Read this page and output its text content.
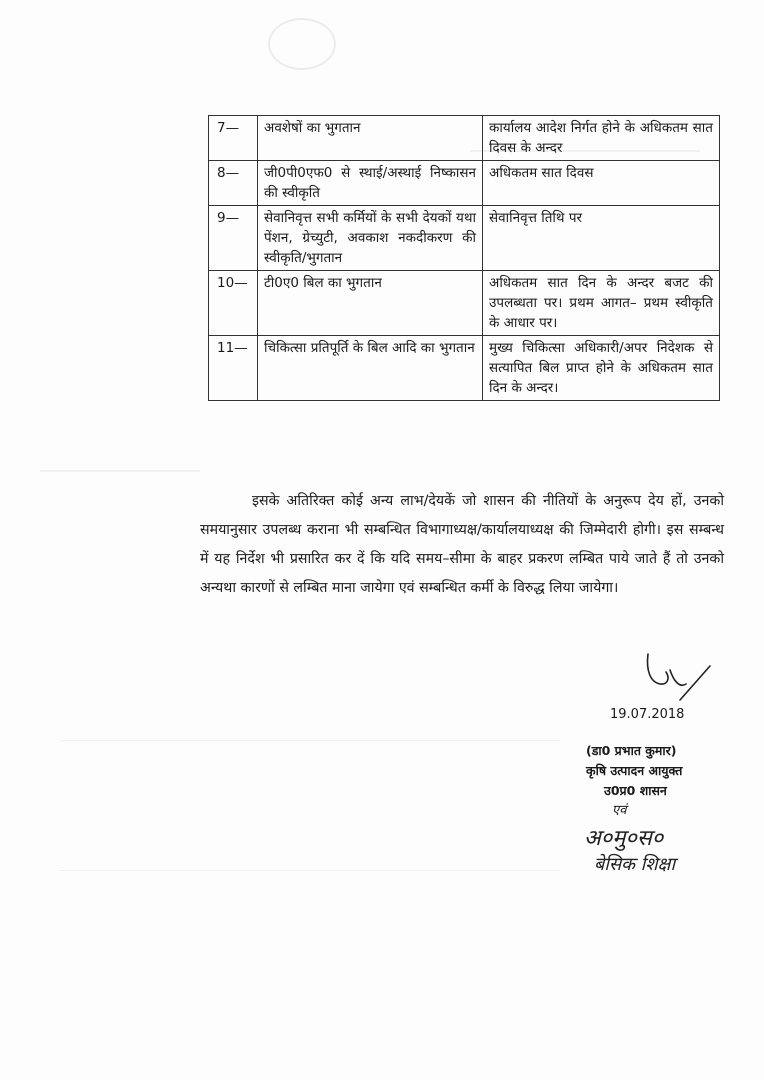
7—	अवशेषों का भुगतान	कार्यालय आदेश निर्गत होने के अधिकतम सात दिवस के अन्दर
8—	जी0पी0एफ0 से स्थाई/अस्थाई निष्कासन की स्वीकृति	अधिकतम सात दिवस
9—	सेवानिवृत्त सभी कर्मियों के सभी देयकों यथा पेंशन, ग्रेच्युटी, अवकाश नकदीकरण की स्वीकृति/भुगतान	सेवानिवृत्त तिथि पर
10—	टी0ए0 बिल का भुगतान	अधिकतम सात दिन के अन्दर बजट की उपलब्धता पर। प्रथम आगत– प्रथम स्वीकृति के आधार पर।
11—	चिकित्सा प्रतिपूर्ति के बिल आदि का भुगतान	मुख्य चिकित्सा अधिकारी/अपर निदेशक से सत्यापित बिल प्राप्त होने के अधिकतम सात दिन के अन्दर।
इसके अतिरिक्त कोई अन्य लाभ/देयकें जो शासन की नीतियों के अनुरूप देय हों, उनको समयानुसार उपलब्ध कराना भी सम्बन्धित विभागाध्यक्ष/कार्यालयाध्यक्ष की जिम्मेदारी होगी। इस सम्बन्ध में यह निर्देश भी प्रसारित कर दें कि यदि समय–सीमा के बाहर प्रकरण लम्बित पाये जाते हैं तो उनको अन्यथा कारणों से लम्बित माना जायेगा एवं सम्बन्धित कर्मी के विरुद्ध लिया जायेगा।
19.07.2018
(डा0 प्रभात कुमार)
कृषि उत्पादन आयुक्त
उ0प्र0 शासन
एवं
अ०मु०स०
बेसिक शिक्षा
